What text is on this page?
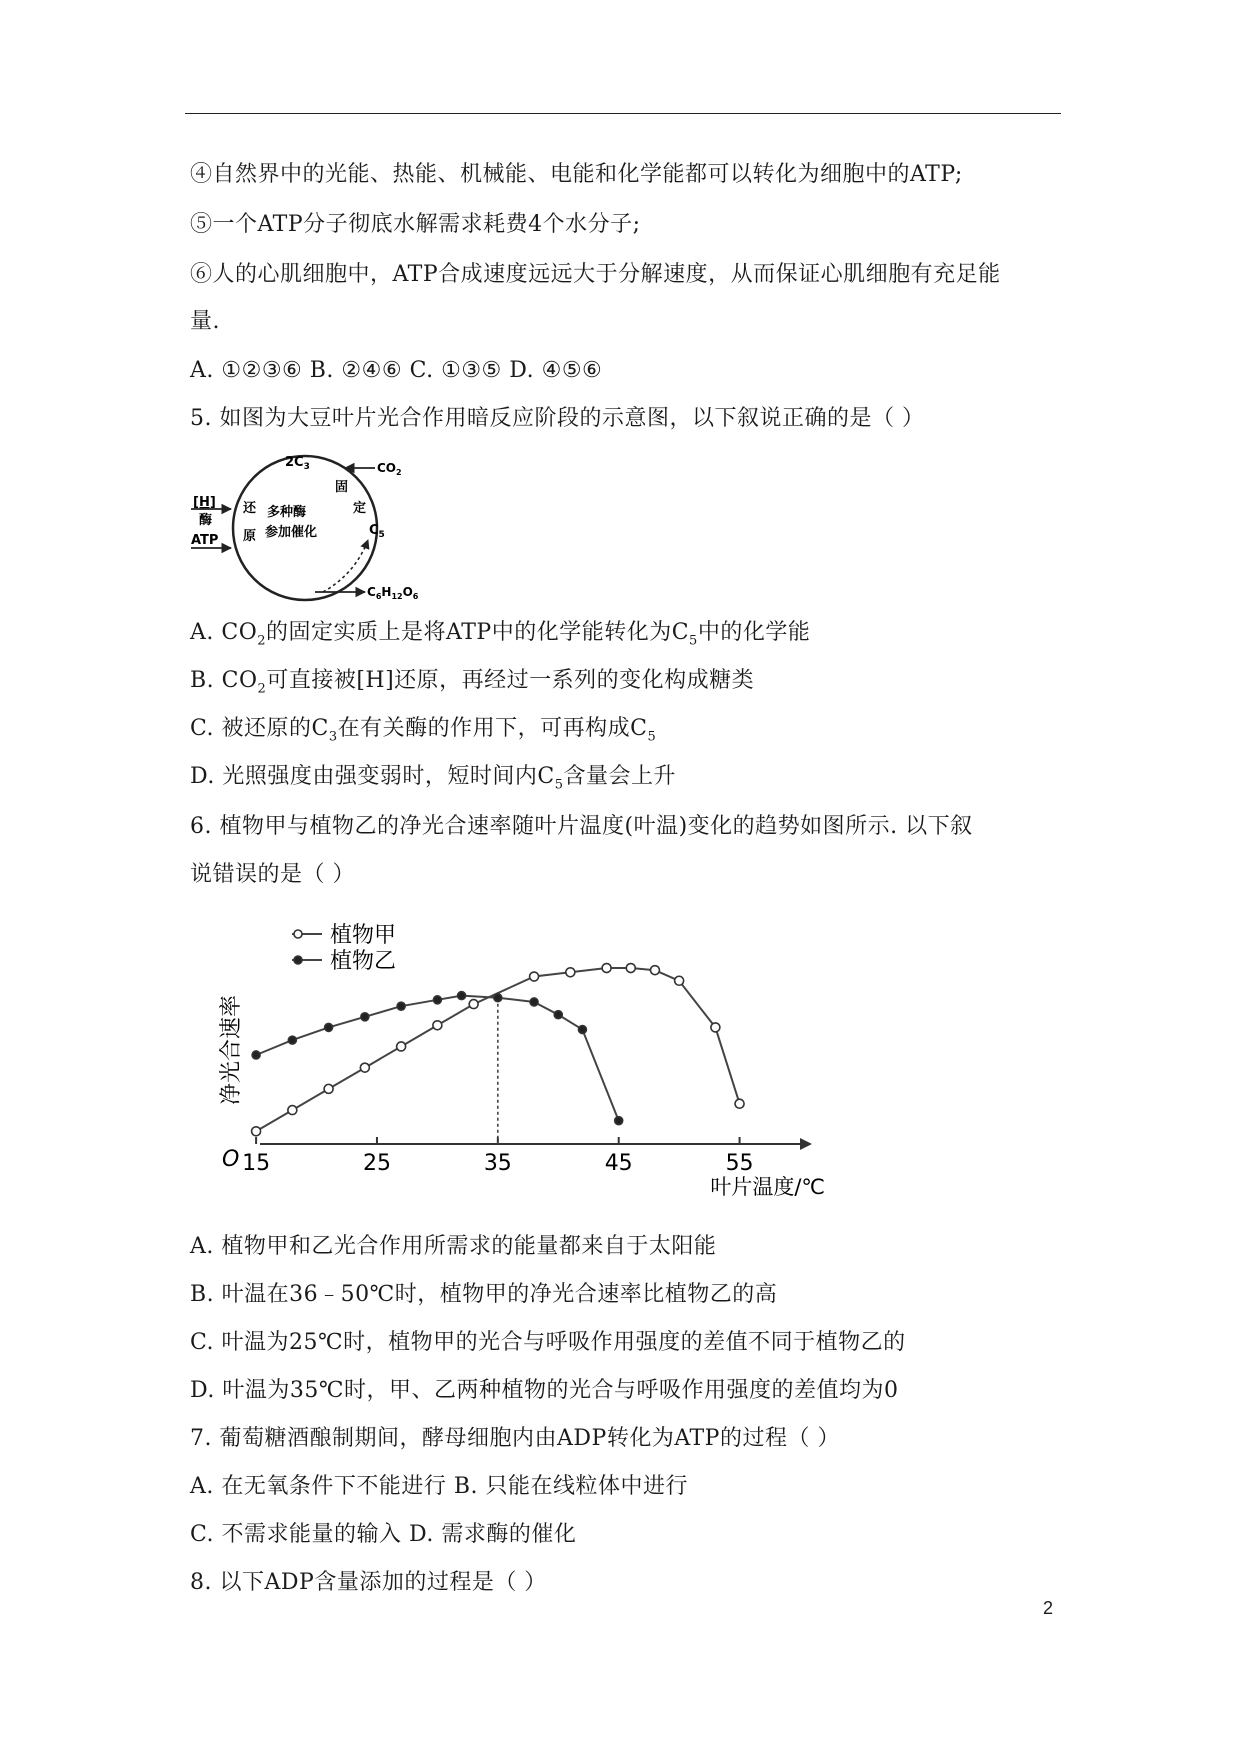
④自然界中的光能、热能、机械能、电能和化学能都可以转化为细胞中的ATP;
⑤一个ATP分子彻底水解需求耗费4个水分子;
⑥人的心肌细胞中，ATP合成速度远远大于分解速度，从而保证心肌细胞有充足能
量.
A. ①②③⑥ B. ②④⑥ C. ①③⑤ D. ④⑤⑥
5. 如图为大豆叶片光合作用暗反应阶段的示意图，以下叙说正确的是（ ）
$2C_3$	$CO_2$
固
定
[H]
酶
ATP
还
原
多种酶
参加催化	$C_5$
$C_6H_{12}O_6$
A. $CO_2$的固定实质上是将ATP中的化学能转化为$C_5$中的化学能
B. $CO_2$可直接被[H]还原，再经过一系列的变化构成糖类
C. 被还原的$C_3$在有关酶的作用下，可再构成$C_5$
D. 光照强度由强变弱时，短时间内$C_5$含量会上升
6. 植物甲与植物乙的净光合速率随叶片温度(叶温)变化的趋势如图所示. 以下叙
说错误的是（ ）
O
净光合速率
叶片温度/℃
15	25	35	45	55
植物甲
植物乙
A. 植物甲和乙光合作用所需求的能量都来自于太阳能
B. 叶温在36﹣50℃时，植物甲的净光合速率比植物乙的高
C. 叶温为25℃时，植物甲的光合与呼吸作用强度的差值不同于植物乙的
D. 叶温为35℃时，甲、乙两种植物的光合与呼吸作用强度的差值均为0
7. 葡萄糖酒酿制期间，酵母细胞内由ADP转化为ATP的过程（ ）
A. 在无氧条件下不能进行 B. 只能在线粒体中进行
C. 不需求能量的输入 D. 需求酶的催化
8. 以下ADP含量添加的过程是（ ）
2
